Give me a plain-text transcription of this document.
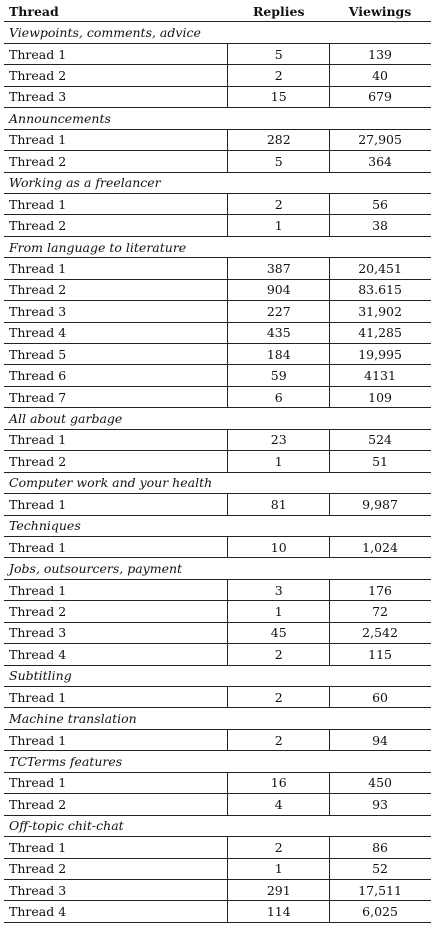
Thread	Replies	Viewings
Viewpoints, comments, advice		
Thread 1	5	139
Thread 2	2	40
Thread 3	15	679
Announcements		
Thread 1	282	27,905
Thread 2	5	364
Working as a freelancer		
Thread 1	2	56
Thread 2	1	38
From language to literature		
Thread 1	387	20,451
Thread 2	904	83.615
Thread 3	227	31,902
Thread 4	435	41,285
Thread 5	184	19,995
Thread 6	59	4131
Thread 7	6	109
All about garbage		
Thread 1	23	524
Thread 2	1	51
Computer work and your health		
Thread 1	81	9,987
Techniques		
Thread 1	10	1,024
Jobs, outsourcers, payment		
Thread 1	3	176
Thread 2	1	72
Thread 3	45	2,542
Thread 4	2	115
Subtitling		
Thread 1	2	60
Machine translation		
Thread 1	2	94
TCTerms features		
Thread 1	16	450
Thread 2	4	93
Off-topic chit-chat		
Thread 1	2	86
Thread 2	1	52
Thread 3	291	17,511
Thread 4	114	6,025
